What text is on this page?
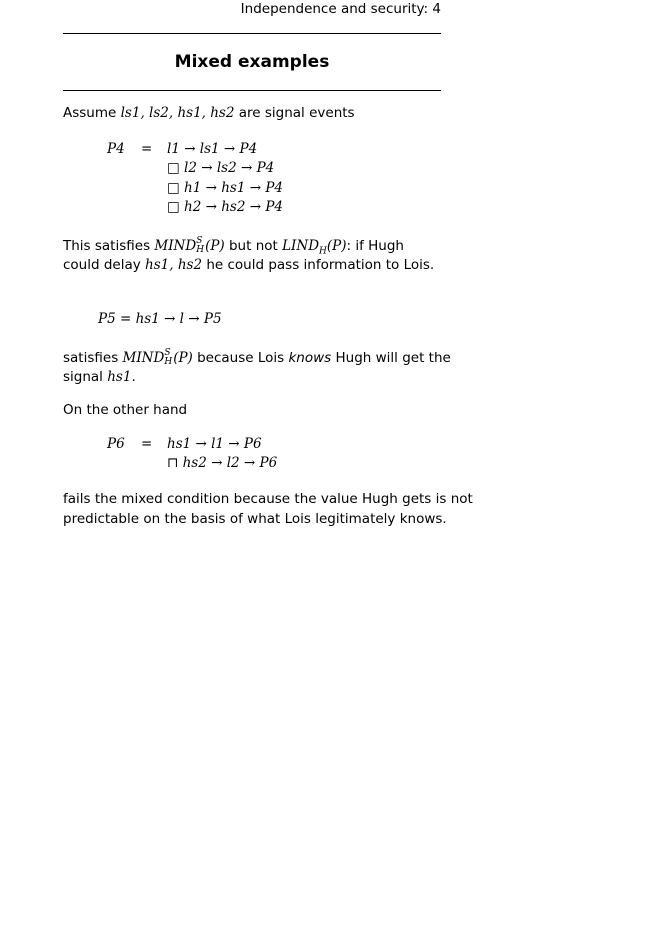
Independence and security: 4
Mixed examples
Assume ls1, ls2, hs1, hs2 are signal events
P4 = l1 → ls1 → P4
□ l2 → ls2 → P4
□ h1 → hs1 → P4
□ h2 → hs2 → P4
This satisfies MIND S
H (P) but not $LIND_H(P)$: if Hugh
could delay hs1, hs2 he could pass information to Lois.
P5 = hs1 → l → P5
satisfies MIND S
H (P) because Lois knows Hugh will get the
signal hs1.
On the other hand
P6 = hs1 → l1 → P6
⊓ hs2 → l2 → P6
fails the mixed condition because the value Hugh gets is not
predictable on the basis of what Lois legitimately knows.
